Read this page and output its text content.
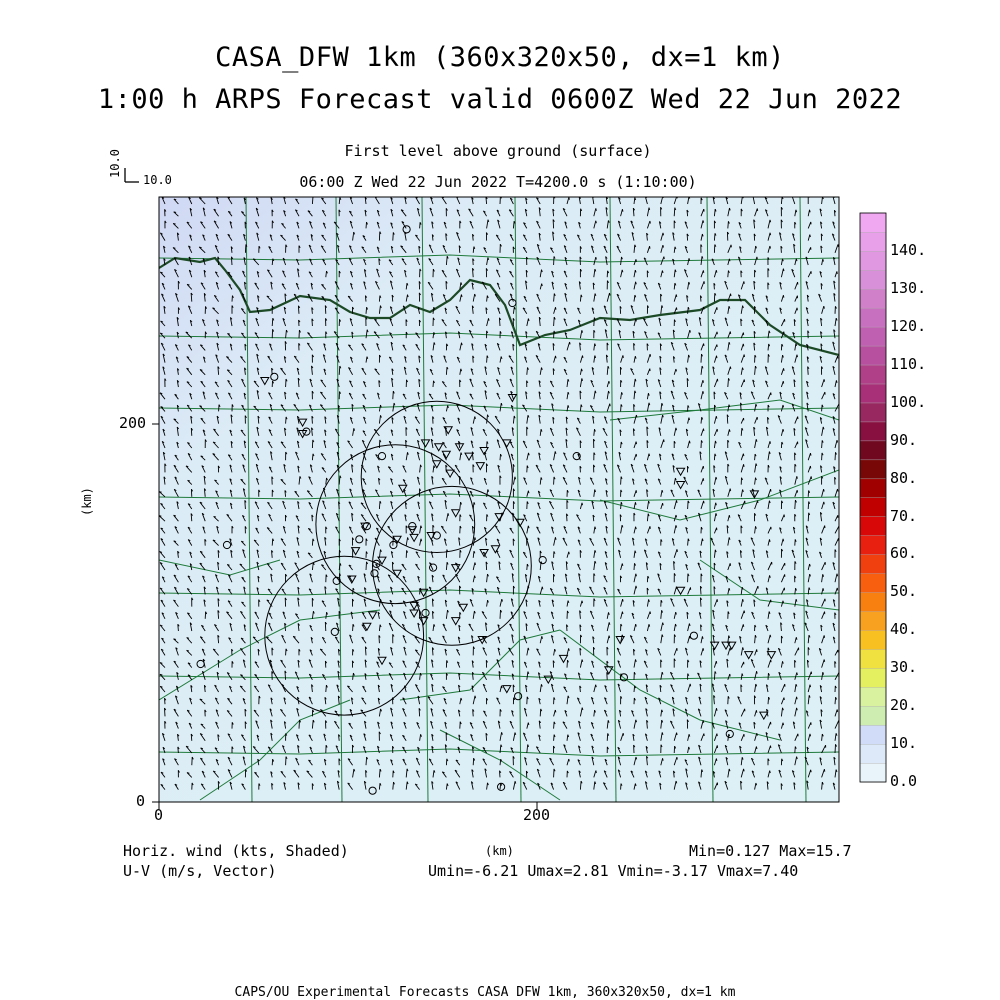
CASA_DFW 1km (360x320x50, dx=1 km)
1:00 h ARPS Forecast valid 0600Z Wed 22 Jun 2022
First level above ground (surface)
06:00 Z Wed 22 Jun 2022 T=4200.0 s (1:10:00)
10.0
10.0
0	200
0
200
(km)
0.0
10.
20.
30.
40.
50.
60.
70.
80.
90.
100.
110.
120.
130.
140.
Horiz. wind (kts, Shaded)
U-V (m/s, Vector)
(km)	Min=0.127 Max=15.7
Umin=-6.21 Umax=2.81 Vmin=-3.17 Vmax=7.40
CAPS/OU Experimental Forecasts CASA DFW 1km, 360x320x50, dx=1 km
